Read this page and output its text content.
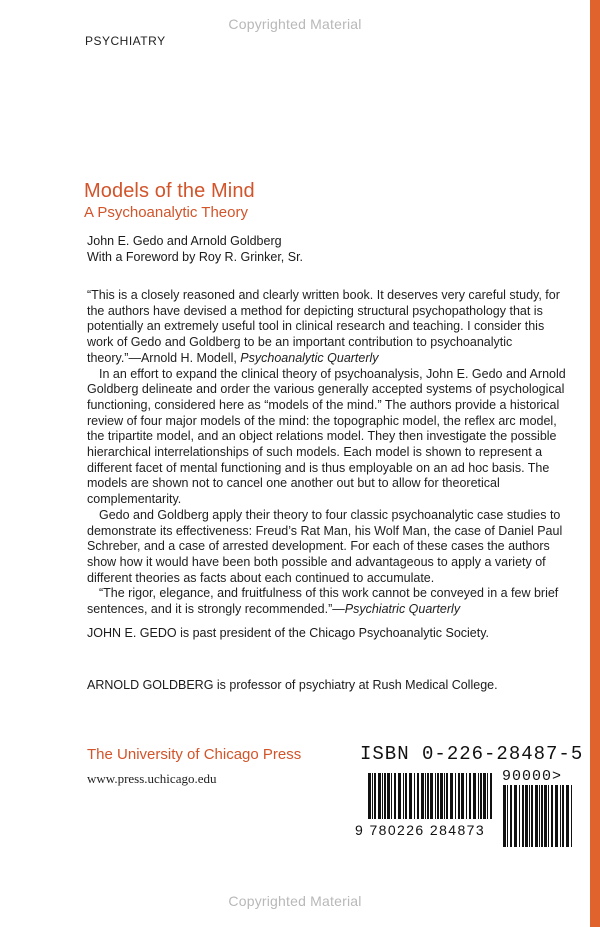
Copyrighted Material
PSYCHIATRY
Models of the Mind
A Psychoanalytic Theory
John E. Gedo and Arnold Goldberg
With a Foreword by Roy R. Grinker, Sr.

“This is a closely reasoned and clearly written book. It deserves very careful study, for the authors have devised a method for depicting structural psychopathology that is potentially an extremely useful tool in clinical research and teaching. I consider this work of Gedo and Goldberg to be an important contribution to psychoanalytic theory.”—Arnold H. Modell, Psychoanalytic Quarterly

In an effort to expand the clinical theory of psychoanalysis, John E. Gedo and Arnold Goldberg delineate and order the various generally accepted systems of psychological functioning, considered here as “models of the mind.” The authors provide a historical review of four major models of the mind: the topographic model, the reflex arc model, the tripartite model, and an object relations model. They then investigate the possible hierarchical interrelationships of such models. Each model is shown to represent a different facet of mental functioning and is thus employable on an ad hoc basis. The models are shown not to cancel one another out but to allow for theoretical complementarity.

Gedo and Goldberg apply their theory to four classic psychoanalytic case studies to demonstrate its effectiveness: Freud’s Rat Man, his Wolf Man, the case of Daniel Paul Schreber, and a case of arrested development. For each of these cases the authors show how it would have been both possible and advantageous to apply a variety of different theories as facts about each continued to accumulate.

“The rigor, elegance, and fruitfulness of this work cannot be conveyed in a few brief sentences, and it is strongly recommended.”—Psychiatric Quarterly

JOHN E. GEDO is past president of the Chicago Psychoanalytic Society.
ARNOLD GOLDBERG is professor of psychiatry at Rush Medical College.
The University of Chicago Press
www.press.uchicago.edu
ISBN 0-226-28487-5
90000>
9 780226 284873
Copyrighted Material
